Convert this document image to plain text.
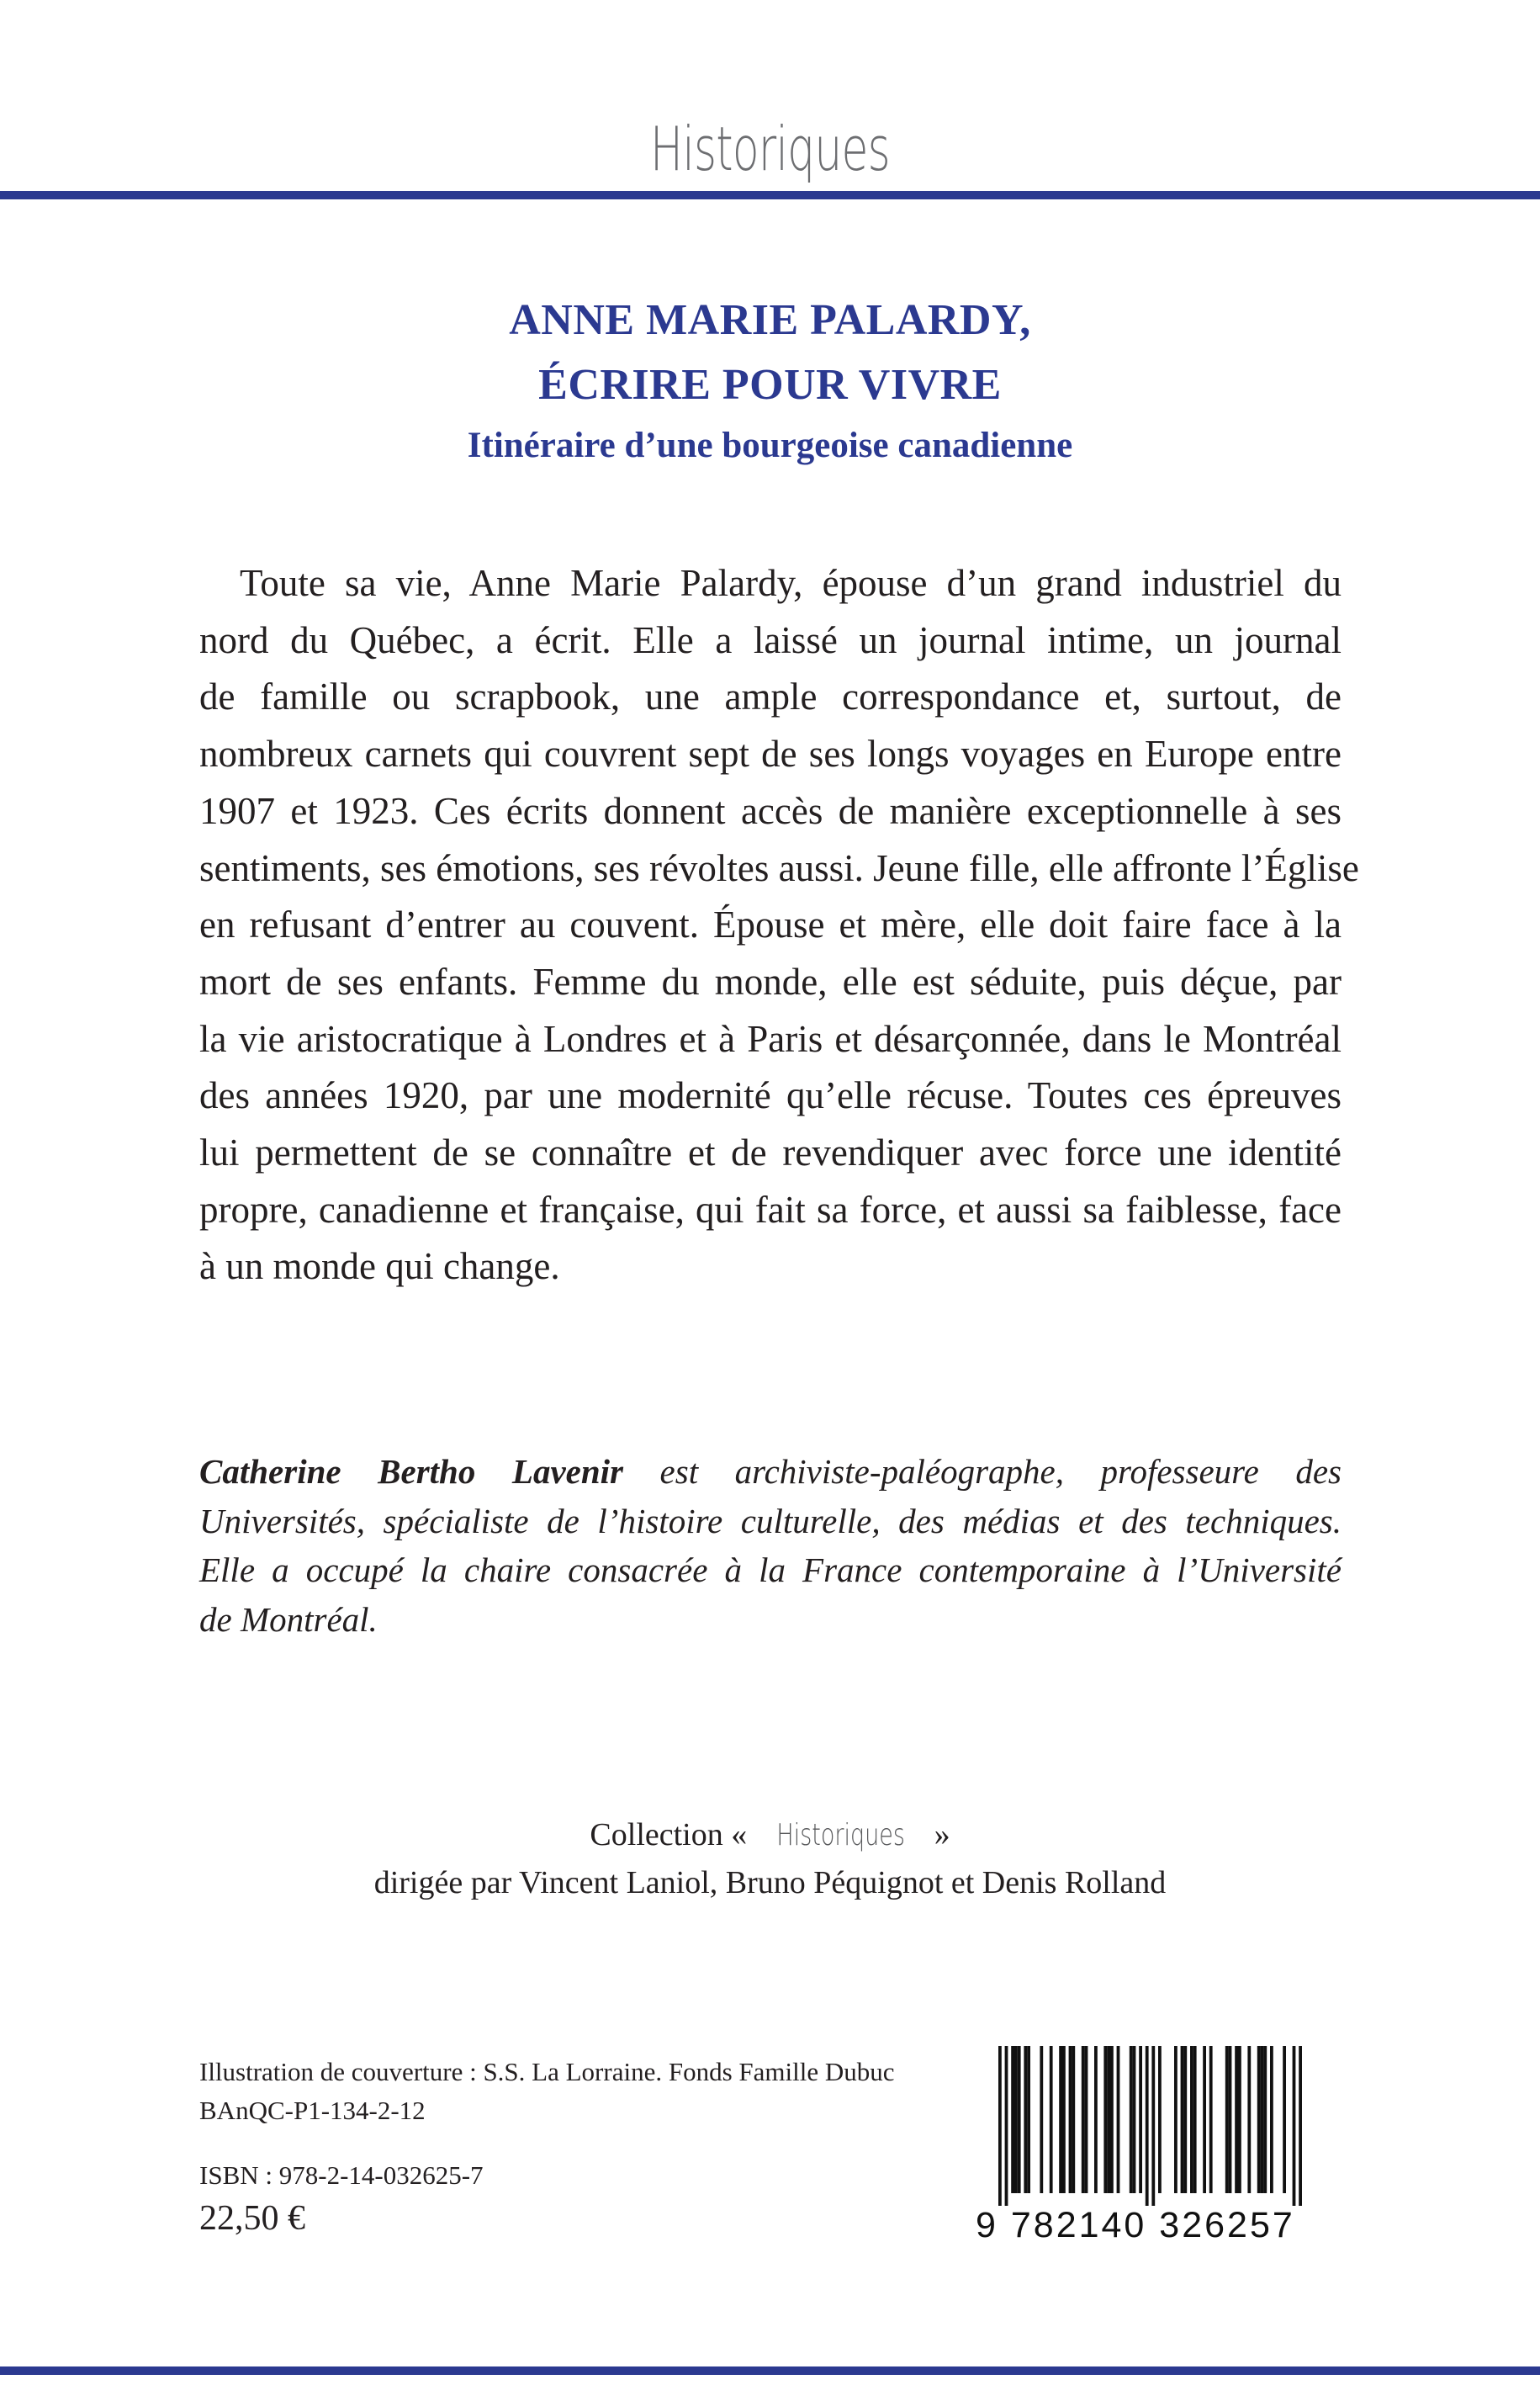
Historiques
ANNE MARIE PALARDY,
ÉCRIRE POUR VIVRE
Itinéraire d’une bourgeoise canadienne
Toute sa vie, Anne Marie Palardy, épouse d’un grand industriel du
nord du Québec, a écrit. Elle a laissé un journal intime, un journal
de famille ou scrapbook, une ample correspondance et, surtout, de
nombreux carnets qui couvrent sept de ses longs voyages en Europe entre
1907 et 1923. Ces écrits donnent accès de manière exceptionnelle à ses
sentiments, ses émotions, ses révoltes aussi. Jeune fille, elle affronte l’Église
en refusant d’entrer au couvent. Épouse et mère, elle doit faire face à la
mort de ses enfants. Femme du monde, elle est séduite, puis déçue, par
la vie aristocratique à Londres et à Paris et désarçonnée, dans le Montréal
des années 1920, par une modernité qu’elle récuse. Toutes ces épreuves
lui permettent de se connaître et de revendiquer avec force une identité
propre, canadienne et française, qui fait sa force, et aussi sa faiblesse, face
à un monde qui change.
Catherine Bertho Lavenir est archiviste-paléographe, professeure des
Universités, spécialiste de l’histoire culturelle, des médias et des techniques.
Elle a occupé la chaire consacrée à la France contemporaine à l’Université
de Montréal.
Collection « Historiques »
dirigée par Vincent Laniol, Bruno Péquignot et Denis Rolland
Illustration de couverture : S.S. La Lorraine. Fonds Famille Dubuc
BAnQC-P1-134-2-12
ISBN : 978-2-14-032625-7
22,50 €	9 782140 326257
